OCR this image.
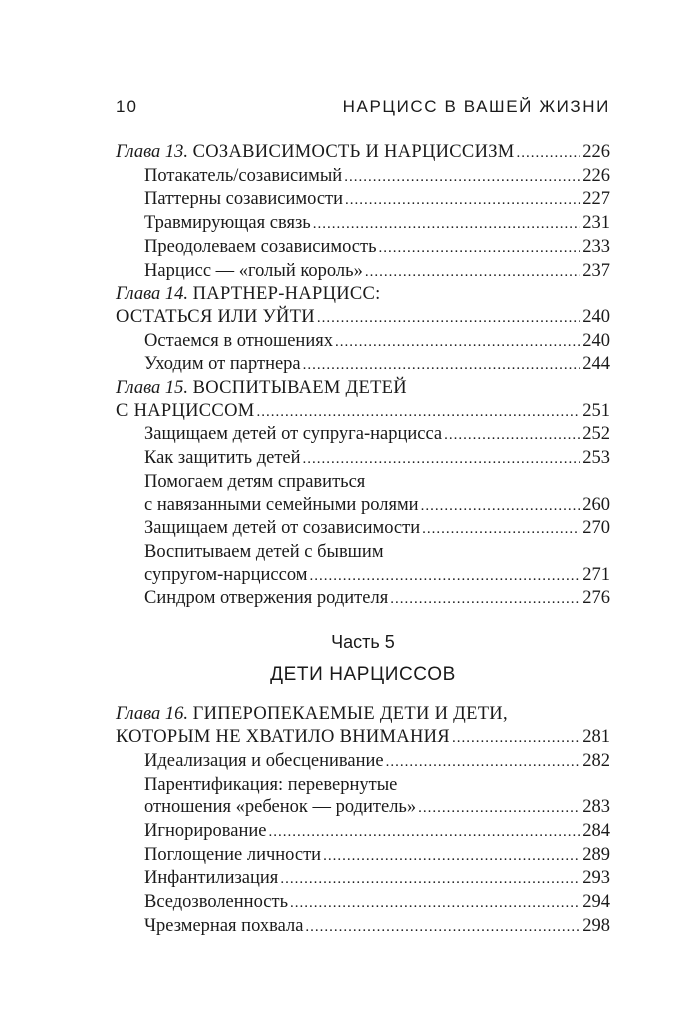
10	НАРЦИСС В ВАШЕЙ ЖИЗНИ
Глава 13. СОЗАВИСИМОСТЬ И НАРЦИССИЗМ .....	226
Потакатель/созависимый .....	226
Паттерны созависимости .....	227
Травмирующая связь .....	231
Преодолеваем созависимость .....	233
Нарцисс — «голый король» .....	237
Глава 14. ПАРТНЕР-НАРЦИСС:
ОСТАТЬСЯ ИЛИ УЙТИ .....	240
Остаемся в отношениях .....	240
Уходим от партнера .....	244
Глава 15. ВОСПИТЫВАЕМ ДЕТЕЙ
С НАРЦИССОМ .....	251
Защищаем детей от супруга-нарцисса .....	252
Как защитить детей .....	253
Помогаем детям справиться
с навязанными семейными ролями .....	260
Защищаем детей от созависимости .....	270
Воспитываем детей с бывшим
супругом-нарциссом .....	271
Синдром отвержения родителя .....	276
Часть 5
ДЕТИ НАРЦИССОВ
Глава 16. ГИПЕРОПЕКАЕМЫЕ ДЕТИ И ДЕТИ,
КОТОРЫМ НЕ ХВАТИЛО ВНИМАНИЯ .....	281
Идеализация и обесценивание .....	282
Парентификация: перевернутые
отношения «ребенок — родитель» .....	283
Игнорирование .....	284
Поглощение личности .....	289
Инфантилизация .....	293
Вседозволенность .....	294
Чрезмерная похвала .....	298
